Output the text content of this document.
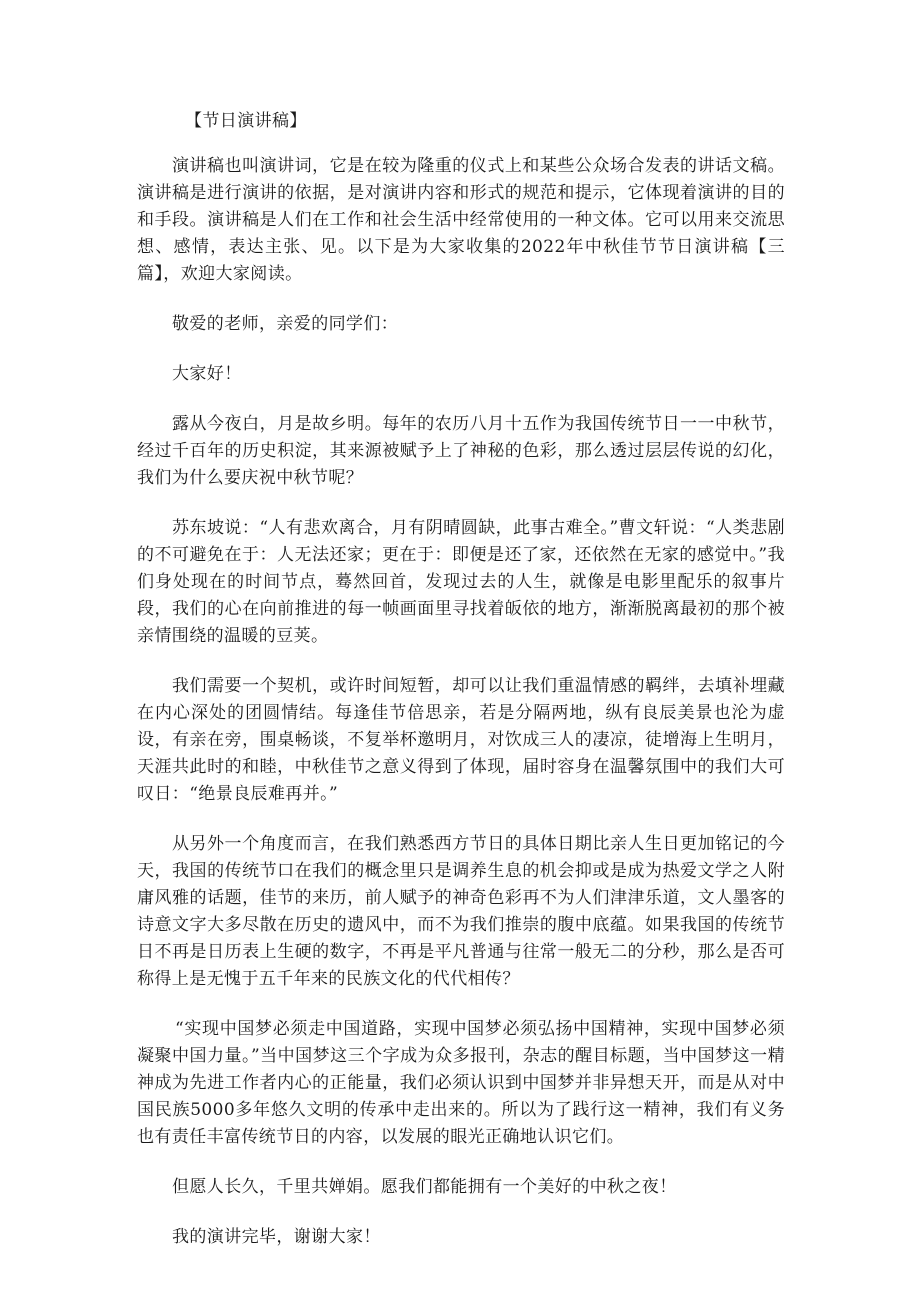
【节日演讲稿】

演讲稿也叫演讲词，它是在较为隆重的仪式上和某些公众场合发表的讲话文稿。演讲稿是进行演讲的依据，是对演讲内容和形式的规范和提示，它体现着演讲的目的和手段。演讲稿是人们在工作和社会生活中经常使用的一种文体。它可以用来交流思想、感情，表达主张、见。以下是为大家收集的2022年中秋佳节节日演讲稿【三篇】，欢迎大家阅读。

敬爱的老师，亲爱的同学们：

大家好！

露从今夜白，月是故乡明。每年的农历八月十五作为我国传统节日一一中秋节，经过千百年的历史积淀，其来源被赋予上了神秘的色彩，那么透过层层传说的幻化，我们为什么要庆祝中秋节呢？

苏东坡说：“人有悲欢离合，月有阴晴圆缺，此事古难全。”曹文轩说：“人类悲剧的不可避免在于：人无法还家；更在于：即便是还了家，还依然在无家的感觉中。”我们身处现在的时间节点，蓦然回首，发现过去的人生，就像是电影里配乐的叙事片段，我们的心在向前推进的每一帧画面里寻找着皈依的地方，渐渐脱离最初的那个被亲情围绕的温暖的豆荚。

我们需要一个契机，或许时间短暂，却可以让我们重温情感的羁绊，去填补埋藏在内心深处的团圆情结。每逢佳节倍思亲，若是分隔两地，纵有良辰美景也沦为虚设，有亲在旁，围桌畅谈，不复举杯邀明月，对饮成三人的凄凉，徒增海上生明月，天涯共此时的和睦，中秋佳节之意义得到了体现，届时容身在温馨氛围中的我们大可叹日：“绝景良辰难再并。”

从另外一个角度而言，在我们熟悉西方节日的具体日期比亲人生日更加铭记的今天，我国的传统节口在我们的概念里只是调养生息的机会抑或是成为热爱文学之人附庸风雅的话题，佳节的来历，前人赋予的神奇色彩再不为人们津津乐道，文人墨客的诗意文字大多尽散在历史的遗风中，而不为我们推崇的腹中底蕴。如果我国的传统节日不再是日历表上生硬的数字，不再是平凡普通与往常一般无二的分秒，那么是否可称得上是无愧于五千年来的民族文化的代代相传？

“实现中国梦必须走中国道路，实现中国梦必须弘扬中国精神，实现中国梦必须凝聚中国力量。”当中国梦这三个字成为众多报刊，杂志的醒目标题，当中国梦这一精神成为先进工作者内心的正能量，我们必须认识到中国梦并非异想天开，而是从对中国民族5000多年悠久文明的传承中走出来的。所以为了践行这一精神，我们有义务也有责任丰富传统节日的内容，以发展的眼光正确地认识它们。

但愿人长久，千里共婵娟。愿我们都能拥有一个美好的中秋之夜！

我的演讲完毕，谢谢大家！
